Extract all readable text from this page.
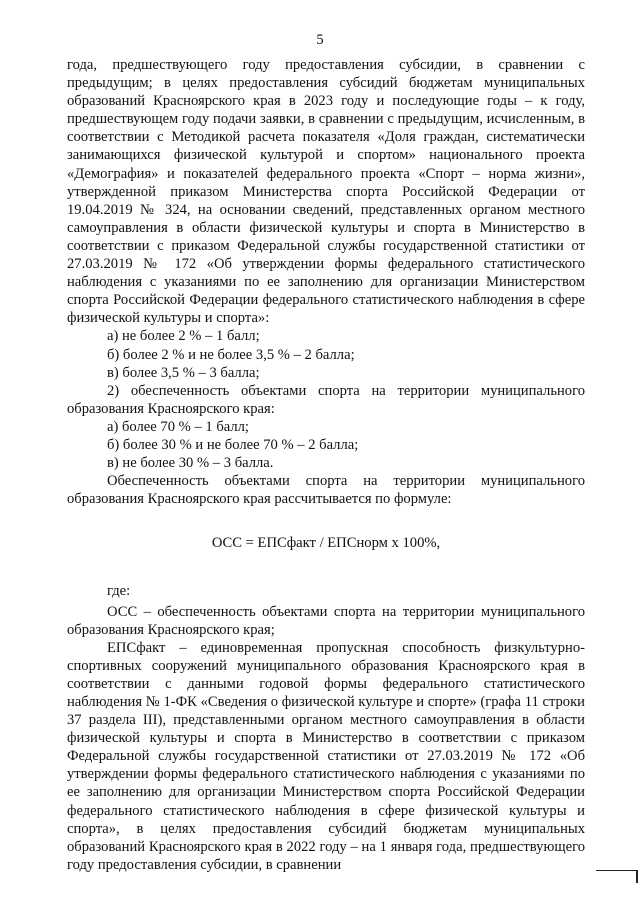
5

года, предшествующего году предоставления субсидии, в сравнении с предыдущим; в целях предоставления субсидий бюджетам муниципальных образований Красноярского края в 2023 году и последующие годы – к году, предшествующем году подачи заявки, в сравнении с предыдущим, исчисленным, в соответствии с Методикой расчета показателя «Доля граждан, систематически занимающихся физической культурой и спортом» национального проекта «Демография» и показателей федерального проекта «Спорт – норма жизни», утвержденной приказом Министерства спорта Российской Федерации от 19.04.2019 № 324, на основании сведений, представленных органом местного самоуправления в области физической культуры и спорта в Министерство в соответствии с приказом Федеральной службы государственной статистики от 27.03.2019 № 172 «Об утверждении формы федерального статистического наблюдения с указаниями по ее заполнению для организации Министерством спорта Российской Федерации федерального статистического наблюдения в сфере физической культуры и спорта»:

а) не более 2 % – 1 балл;

б) более 2 % и не более 3,5 % – 2 балла;

в) более 3,5 % – 3 балла;

2) обеспеченность объектами спорта на территории муниципального образования Красноярского края:

а) более 70 % – 1 балл;

б) более 30 % и не более 70 % – 2 балла;

в) не более 30 % – 3 балла.

Обеспеченность объектами спорта на территории муниципального образования Красноярского края рассчитывается по формуле:

ОСС = ЕПСфакт / ЕПСнорм x 100%,

где:

ОСС – обеспеченность объектами спорта на территории муниципального образования Красноярского края;

ЕПСфакт – единовременная пропускная способность физкультурно-спортивных сооружений муниципального образования Красноярского края в соответствии с данными годовой формы федерального статистического наблюдения № 1-ФК «Сведения о физической культуре и спорте» (графа 11 строки 37 раздела III), представленными органом местного самоуправления в области физической культуры и спорта в Министерство в соответствии с приказом Федеральной службы государственной статистики от 27.03.2019 № 172 «Об утверждении формы федерального статистического наблюдения с указаниями по ее заполнению для организации Министерством спорта Российской Федерации федерального статистического наблюдения в сфере физической культуры и спорта», в целях предоставления субсидий бюджетам муниципальных образований Красноярского края в 2022 году – на 1 января года, предшествующего году предоставления субсидии, в сравнении
